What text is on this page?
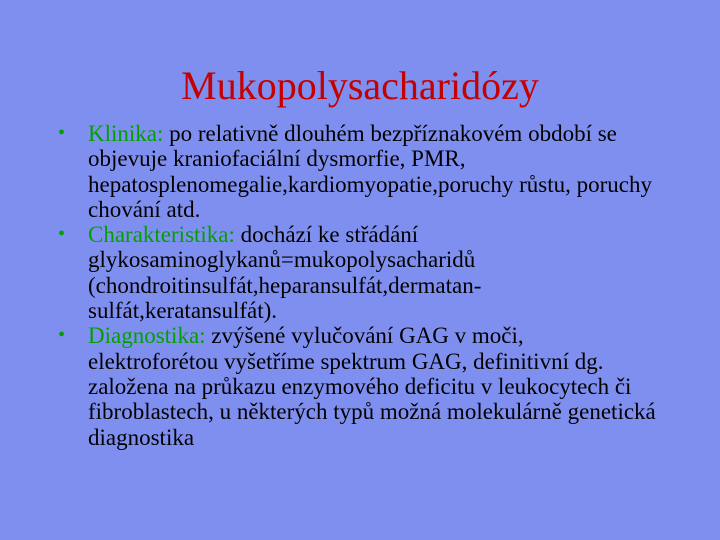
Mukopolysacharidózy
• Klinika: po relativně dlouhém bezpříznakovém období se objevuje kraniofaciální dysmorfie, PMR, hepatosplenomegalie,kardiomyopatie,poruchy růstu, poruchy chování atd.
• Charakteristika: dochází ke střádání glykosaminoglykanů=mukopolysacharidů (chondroitinsulfát,heparansulfát,dermatan-sulfát,keratansulfát).
• Diagnostika: zvýšené vylučování GAG v moči, elektroforétou vyšetříme spektrum GAG, definitivní dg. založena na průkazu enzymového deficitu v leukocytech či fibroblastech, u některých typů možná molekulárně genetická diagnostika
